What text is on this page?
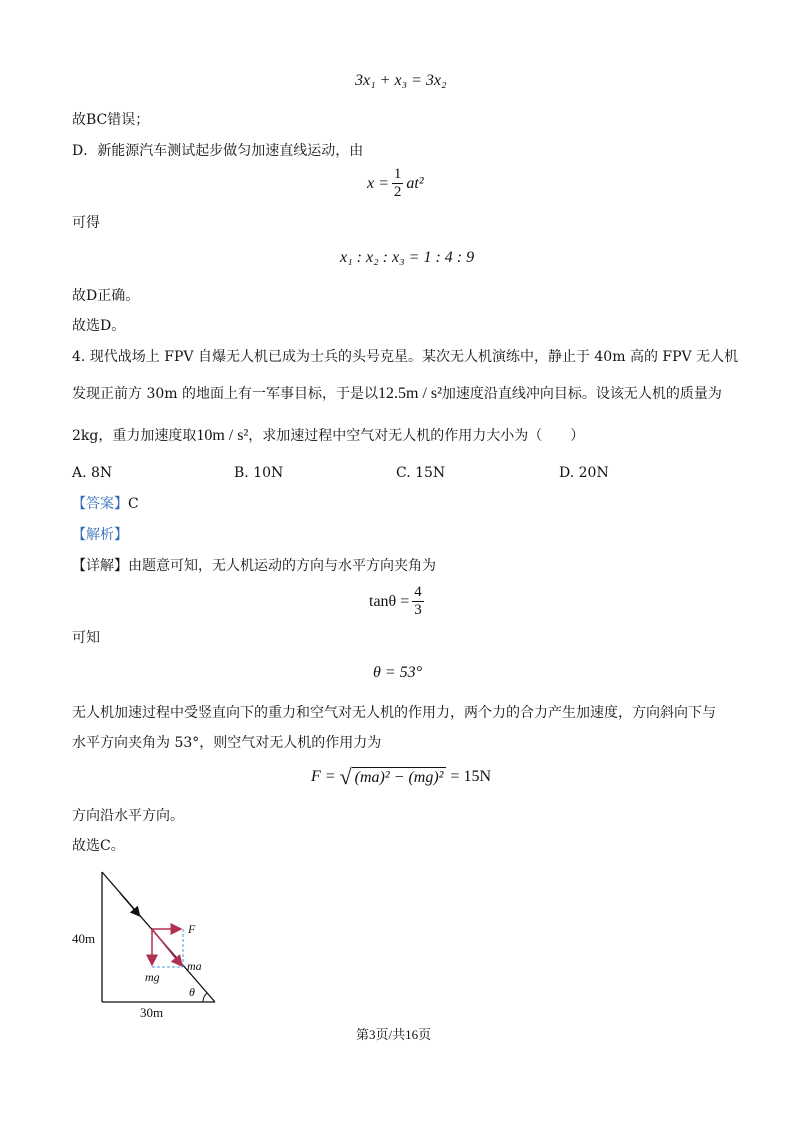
3x₁ + x₃ = 3x₂
故BC错误；
D．新能源汽车测试起步做匀加速直线运动，由
$x = \frac{1}{2} at^2$
可得
x₁ : x₂ : x₃ = 1 : 4 : 9
故D正确。
故选D。
4. 现代战场上 FPV 自爆无人机已成为士兵的头号克星。某次无人机演练中，静止于 40m 高的 FPV 无人机
发现正前方 30m 的地面上有一军事目标，于是以12.5m / s²加速度沿直线冲向目标。设该无人机的质量为
2kg，重力加速度取10m / s²，求加速过程中空气对无人机的作用力大小为（　　）
A. 8N	B. 10N	C. 15N	D. 20N
【答案】C
【解析】
【详解】由题意可知，无人机运动的方向与水平方向夹角为
$\tan\theta = \frac{4}{3}$
可知
θ = 53°
无人机加速过程中受竖直向下的重力和空气对无人机的作用力，两个力的合力产生加速度，方向斜向下与
水平方向夹角为 53°，则空气对无人机的作用力为
F = √ (ma)² − (mg)² = 15N
方向沿水平方向。
故选C。
40m
30m
F
mg
ma
θ
第3页/共16页
